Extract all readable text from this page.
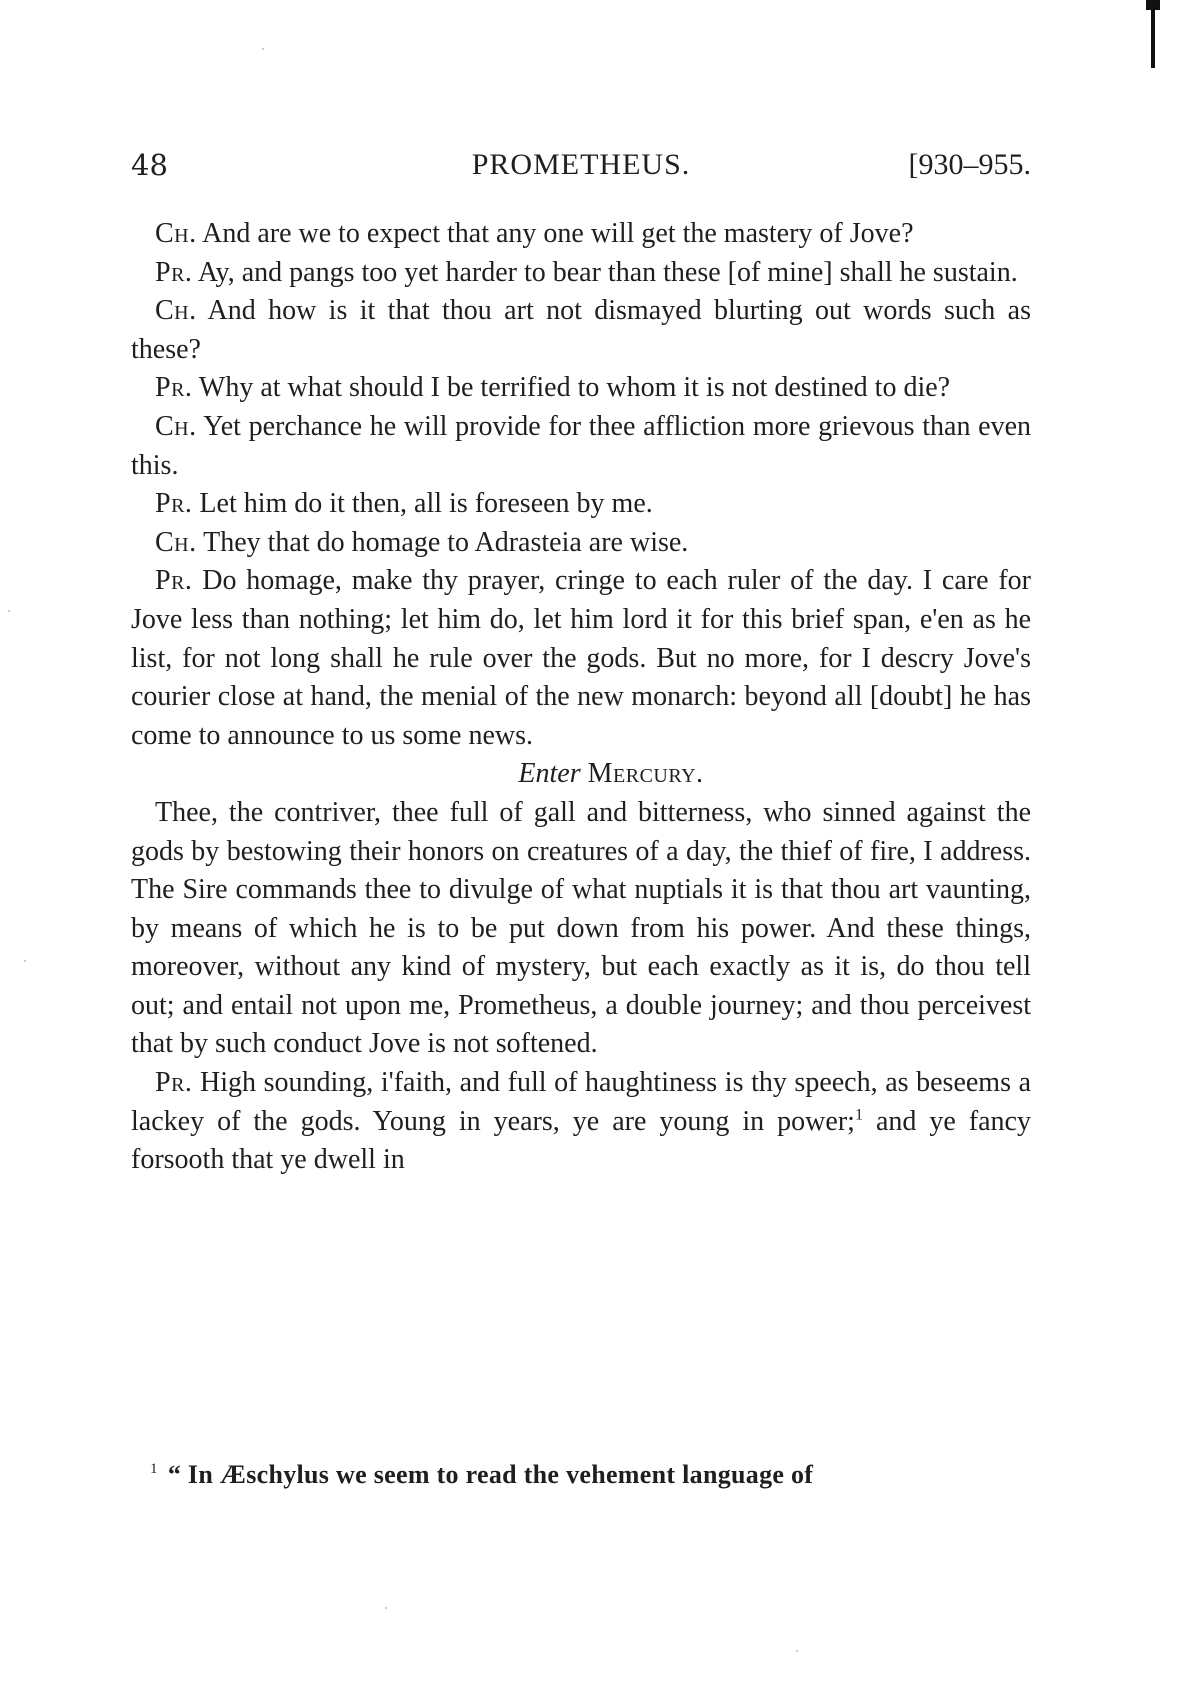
48	PROMETHEUS.	[930–955.

Ch. And are we to expect that any one will get the mastery of Jove?

Pr. Ay, and pangs too yet harder to bear than these [of mine] shall he sustain.

Ch. And how is it that thou art not dismayed blurting out words such as these?

Pr. Why at what should I be terrified to whom it is not destined to die?

Ch. Yet perchance he will provide for thee affliction more grievous than even this.

Pr. Let him do it then, all is foreseen by me.

Ch. They that do homage to Adrasteia are wise.

Pr. Do homage, make thy prayer, cringe to each ruler of the day. I care for Jove less than nothing; let him do, let him lord it for this brief span, e'en as he list, for not long shall he rule over the gods. But no more, for I descry Jove's courier close at hand, the menial of the new monarch: beyond all [doubt] he has come to announce to us some news.

Enter Mercury.

Thee, the contriver, thee full of gall and bitterness, who sinned against the gods by bestowing their honors on creatures of a day, the thief of fire, I address. The Sire commands thee to divulge of what nuptials it is that thou art vaunting, by means of which he is to be put down from his power. And these things, moreover, without any kind of mystery, but each exactly as it is, do thou tell out; and entail not upon me, Prometheus, a double journey; and thou perceivest that by such conduct Jove is not softened.

Pr. High sounding, i'faith, and full of haughtiness is thy speech, as beseems a lackey of the gods. Young in years, ye are young in power;$^1$ and ye fancy forsooth that ye dwell in

$^1$ “ In Æschylus we seem to read the vehement language of
